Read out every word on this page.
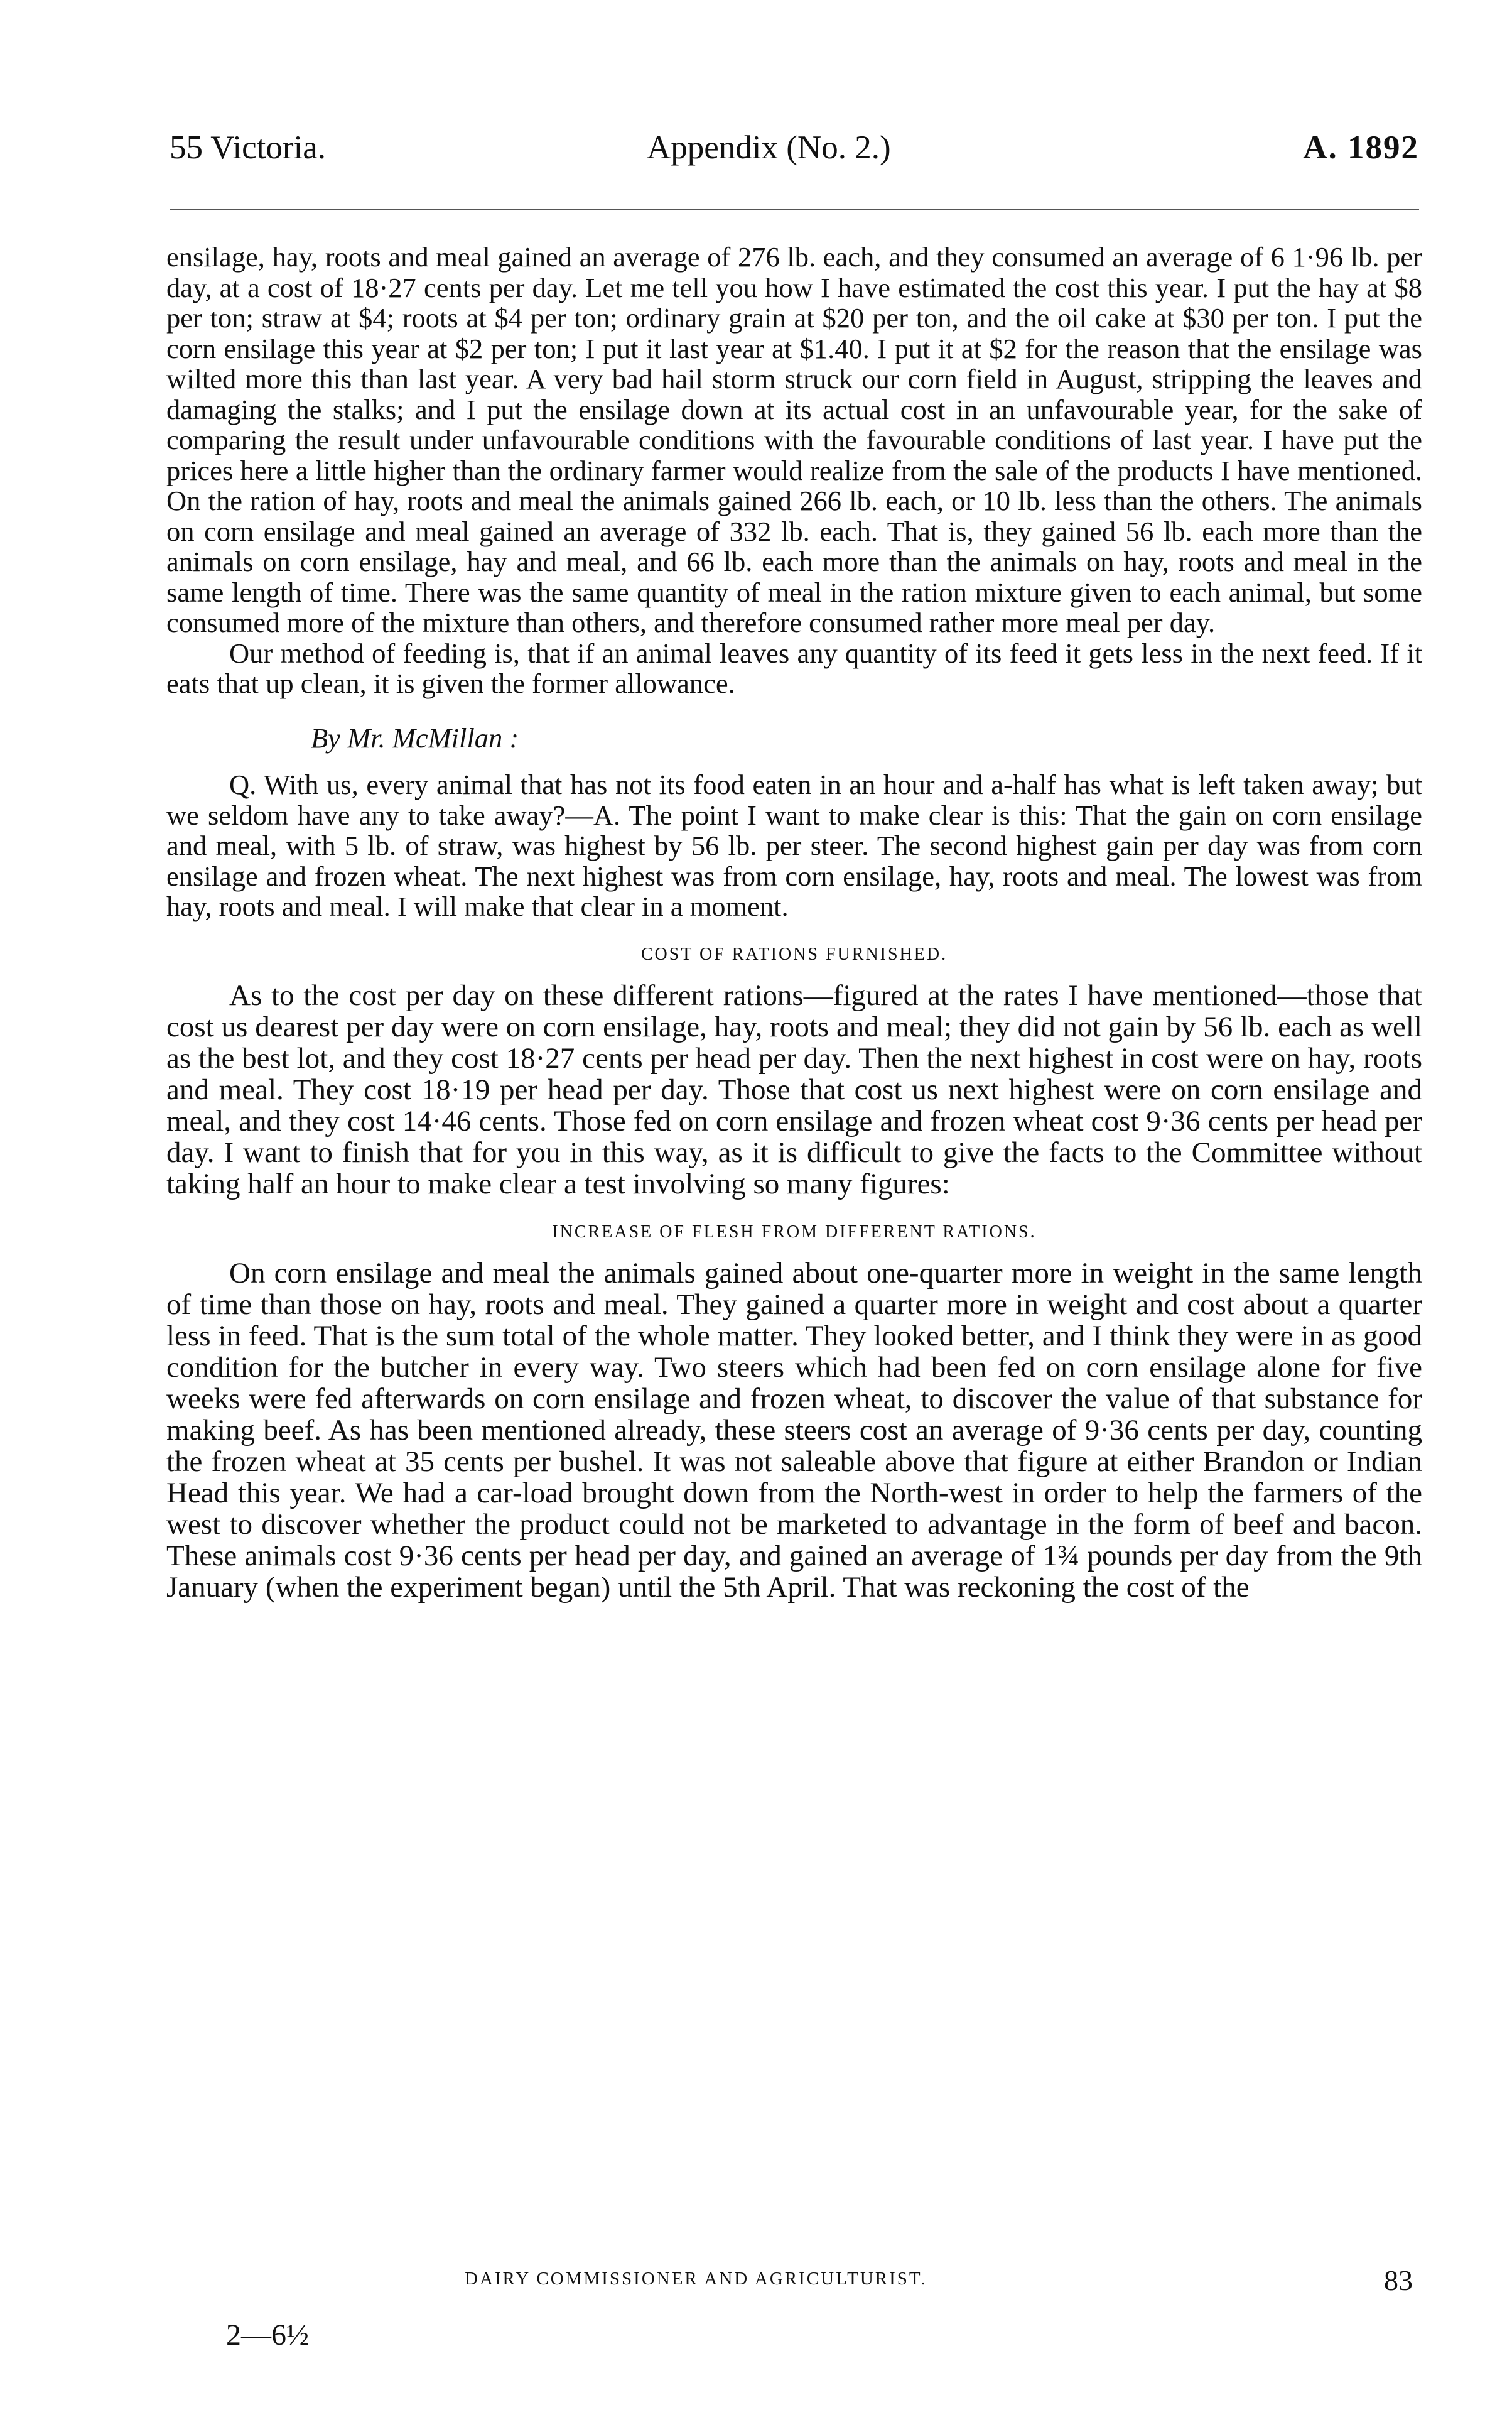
55 Victoria.	Appendix (No. 2.)	A. 1892

ensilage, hay, roots and meal gained an average of 276 lb. each, and they consumed an average of 6 1·96 lb. per day, at a cost of 18·27 cents per day. Let me tell you how I have estimated the cost this year. I put the hay at $8 per ton; straw at $4; roots at $4 per ton; ordinary grain at $20 per ton, and the oil cake at $30 per ton. I put the corn ensilage this year at $2 per ton; I put it last year at $1.40. I put it at $2 for the reason that the ensilage was wilted more this than last year. A very bad hail storm struck our corn field in August, stripping the leaves and damaging the stalks; and I put the ensilage down at its actual cost in an unfavourable year, for the sake of comparing the result under unfavourable conditions with the favourable conditions of last year. I have put the prices here a little higher than the ordinary farmer would realize from the sale of the products I have mentioned. On the ration of hay, roots and meal the animals gained 266 lb. each, or 10 lb. less than the others. The animals on corn ensilage and meal gained an average of 332 lb. each. That is, they gained 56 lb. each more than the animals on corn ensilage, hay and meal, and 66 lb. each more than the animals on hay, roots and meal in the same length of time. There was the same quantity of meal in the ration mixture given to each animal, but some consumed more of the mixture than others, and therefore consumed rather more meal per day.

Our method of feeding is, that if an animal leaves any quantity of its feed it gets less in the next feed. If it eats that up clean, it is given the former allowance.

By Mr. McMillan :

Q. With us, every animal that has not its food eaten in an hour and a-half has what is left taken away; but we seldom have any to take away?—A. The point I want to make clear is this: That the gain on corn ensilage and meal, with 5 lb. of straw, was highest by 56 lb. per steer. The second highest gain per day was from corn ensilage and frozen wheat. The next highest was from corn ensilage, hay, roots and meal. The lowest was from hay, roots and meal. I will make that clear in a moment.

COST OF RATIONS FURNISHED.

As to the cost per day on these different rations—figured at the rates I have mentioned—those that cost us dearest per day were on corn ensilage, hay, roots and meal; they did not gain by 56 lb. each as well as the best lot, and they cost 18·27 cents per head per day. Then the next highest in cost were on hay, roots and meal. They cost 18·19 per head per day. Those that cost us next highest were on corn ensilage and meal, and they cost 14·46 cents. Those fed on corn ensilage and frozen wheat cost 9·36 cents per head per day. I want to finish that for you in this way, as it is difficult to give the facts to the Committee without taking half an hour to make clear a test involving so many figures:

INCREASE OF FLESH FROM DIFFERENT RATIONS.

On corn ensilage and meal the animals gained about one-quarter more in weight in the same length of time than those on hay, roots and meal. They gained a quarter more in weight and cost about a quarter less in feed. That is the sum total of the whole matter. They looked better, and I think they were in as good condition for the butcher in every way. Two steers which had been fed on corn ensilage alone for five weeks were fed afterwards on corn ensilage and frozen wheat, to discover the value of that substance for making beef. As has been mentioned already, these steers cost an average of 9·36 cents per day, counting the frozen wheat at 35 cents per bushel. It was not saleable above that figure at either Brandon or Indian Head this year. We had a car-load brought down from the North-west in order to help the farmers of the west to discover whether the product could not be marketed to advantage in the form of beef and bacon. These animals cost 9·36 cents per head per day, and gained an average of 1¾ pounds per day from the 9th January (when the experiment began) until the 5th April. That was reckoning the cost of the

DAIRY COMMISSIONER AND AGRICULTURIST.	83
2—6½
